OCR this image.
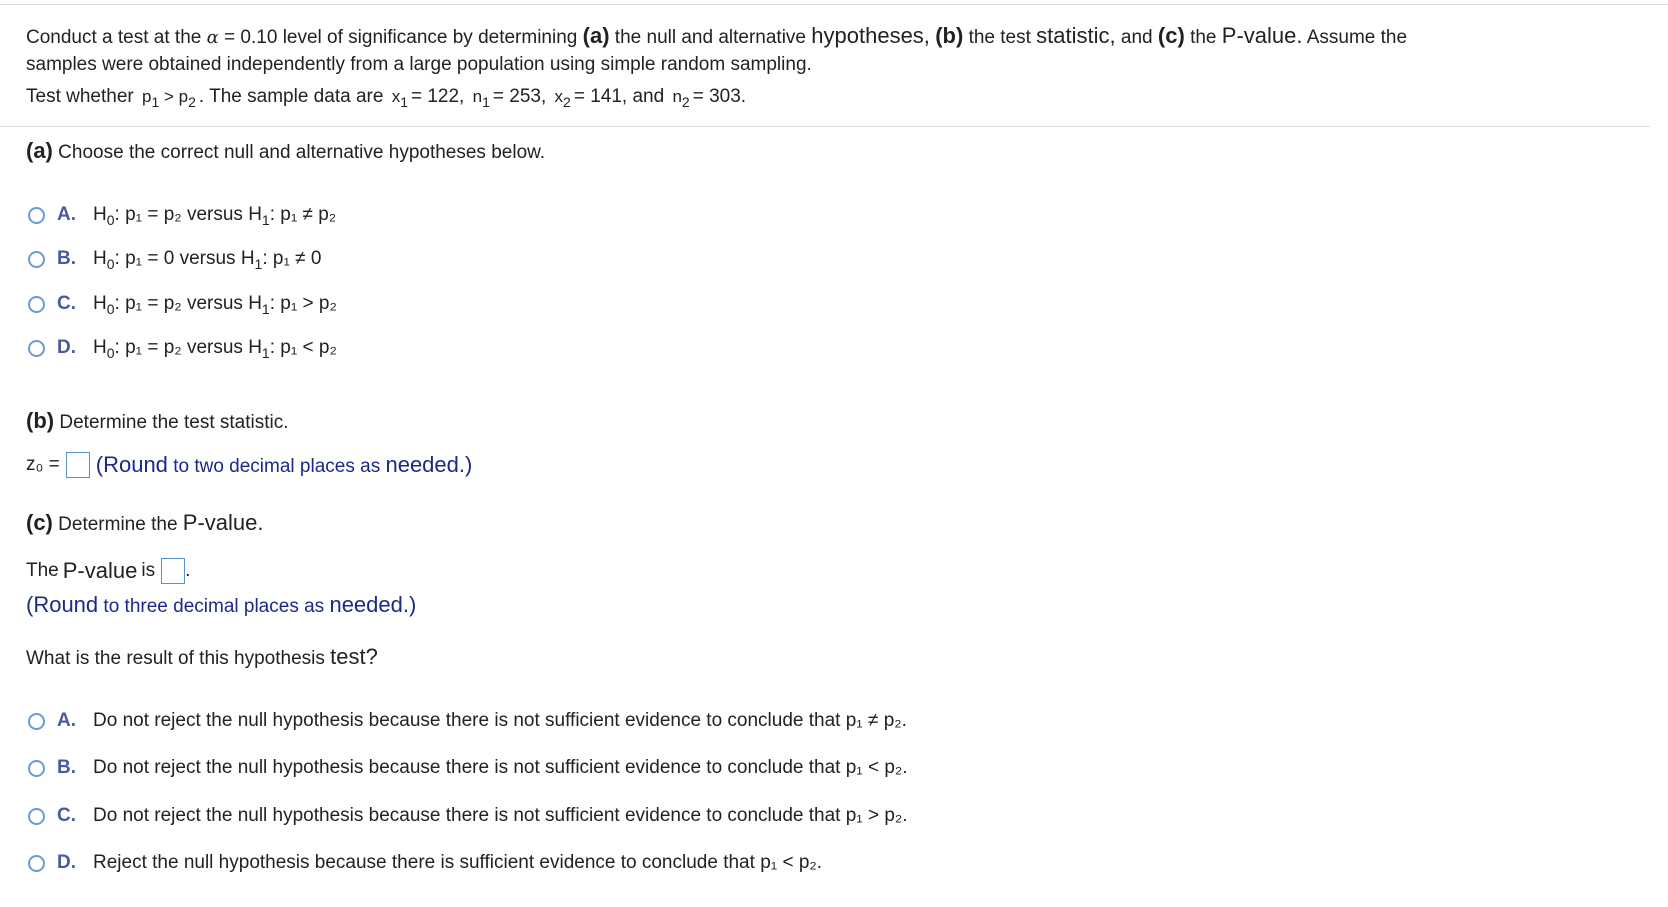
Conduct a test at the α = 0.10 level of significance by determining (a) the null and alternative hypotheses, (b) the test statistic, and (c) the P-value. Assume the
samples were obtained independently from a large population using simple random sampling.
Test whether $p_1 > p_2$ . The sample data are $x_1 = 122$, $n_1 = 253$, $x_2 = 141$, and $n_2 = 303$.
(a) Choose the correct null and alternative hypotheses below.
A. $H_0$: p₁ = p₂ versus $H_1$: p₁ ≠ p₂
B. $H_0$: p₁ = 0 versus $H_1$: p₁ ≠ 0
C. $H_0$: p₁ = p₂ versus $H_1$: p₁ > p₂
D. $H_0$: p₁ = p₂ versus $H_1$: p₁ < p₂
(b) Determine the test statistic.
z₀ = (Round to two decimal places as needed.)
(c) Determine the P-value.
The P-value is .
(Round to three decimal places as needed.)
What is the result of this hypothesis test?
A. Do not reject the null hypothesis because there is not sufficient evidence to conclude that p₁ ≠ p₂.
B. Do not reject the null hypothesis because there is not sufficient evidence to conclude that p₁ < p₂.
C. Do not reject the null hypothesis because there is not sufficient evidence to conclude that p₁ > p₂.
D. Reject the null hypothesis because there is sufficient evidence to conclude that p₁ < p₂.
